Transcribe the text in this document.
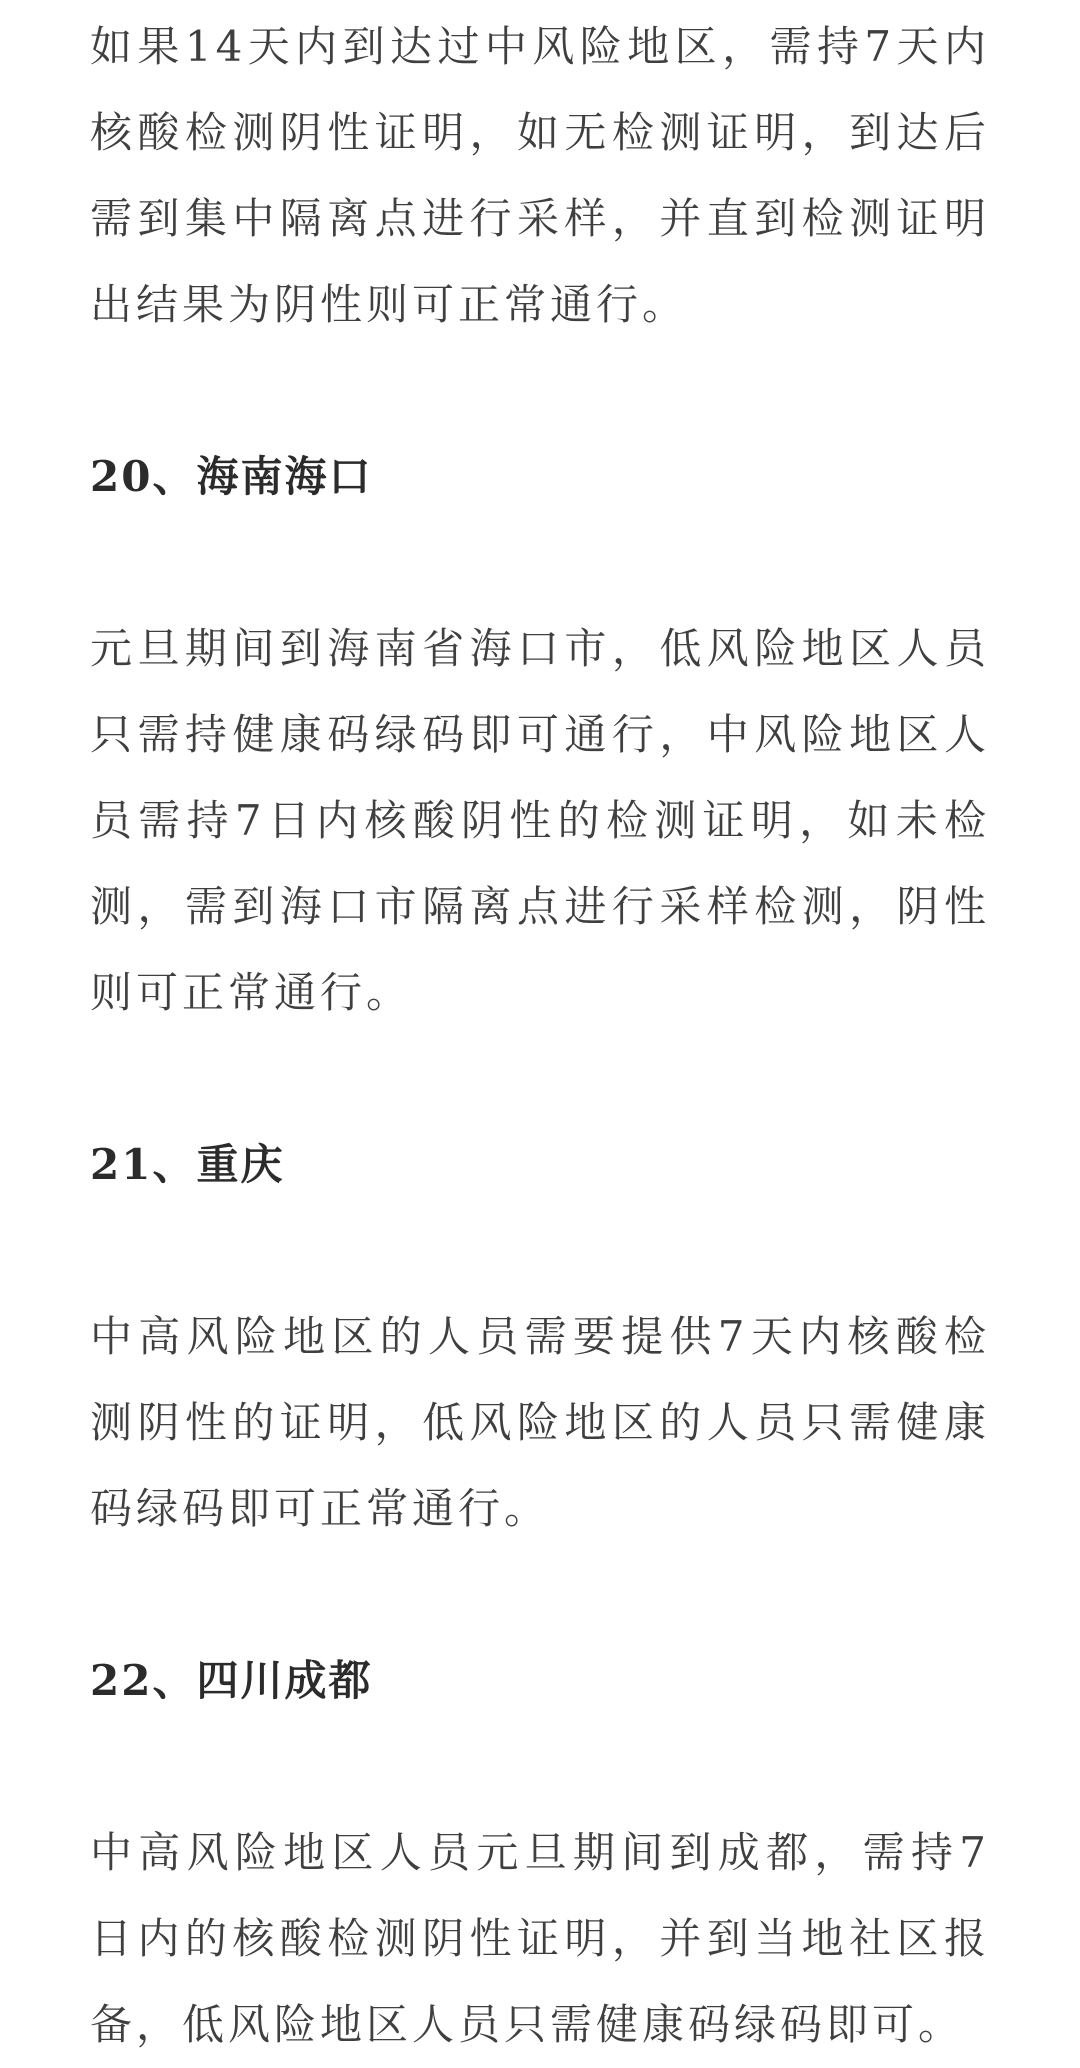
如果14天内到达过中风险地区，需持7天内核酸检测阴性证明，如无检测证明，到达后需到集中隔离点进行采样，并直到检测证明出结果为阴性则可正常通行。

20、海南海口

元旦期间到海南省海口市，低风险地区人员只需持健康码绿码即可通行，中风险地区人员需持7日内核酸阴性的检测证明，如未检测，需到海口市隔离点进行采样检测，阴性则可正常通行。

21、重庆

中高风险地区的人员需要提供7天内核酸检测阴性的证明，低风险地区的人员只需健康码绿码即可正常通行。

22、四川成都

中高风险地区人员元旦期间到成都，需持7日内的核酸检测阴性证明，并到当地社区报备，低风险地区人员只需健康码绿码即可。
